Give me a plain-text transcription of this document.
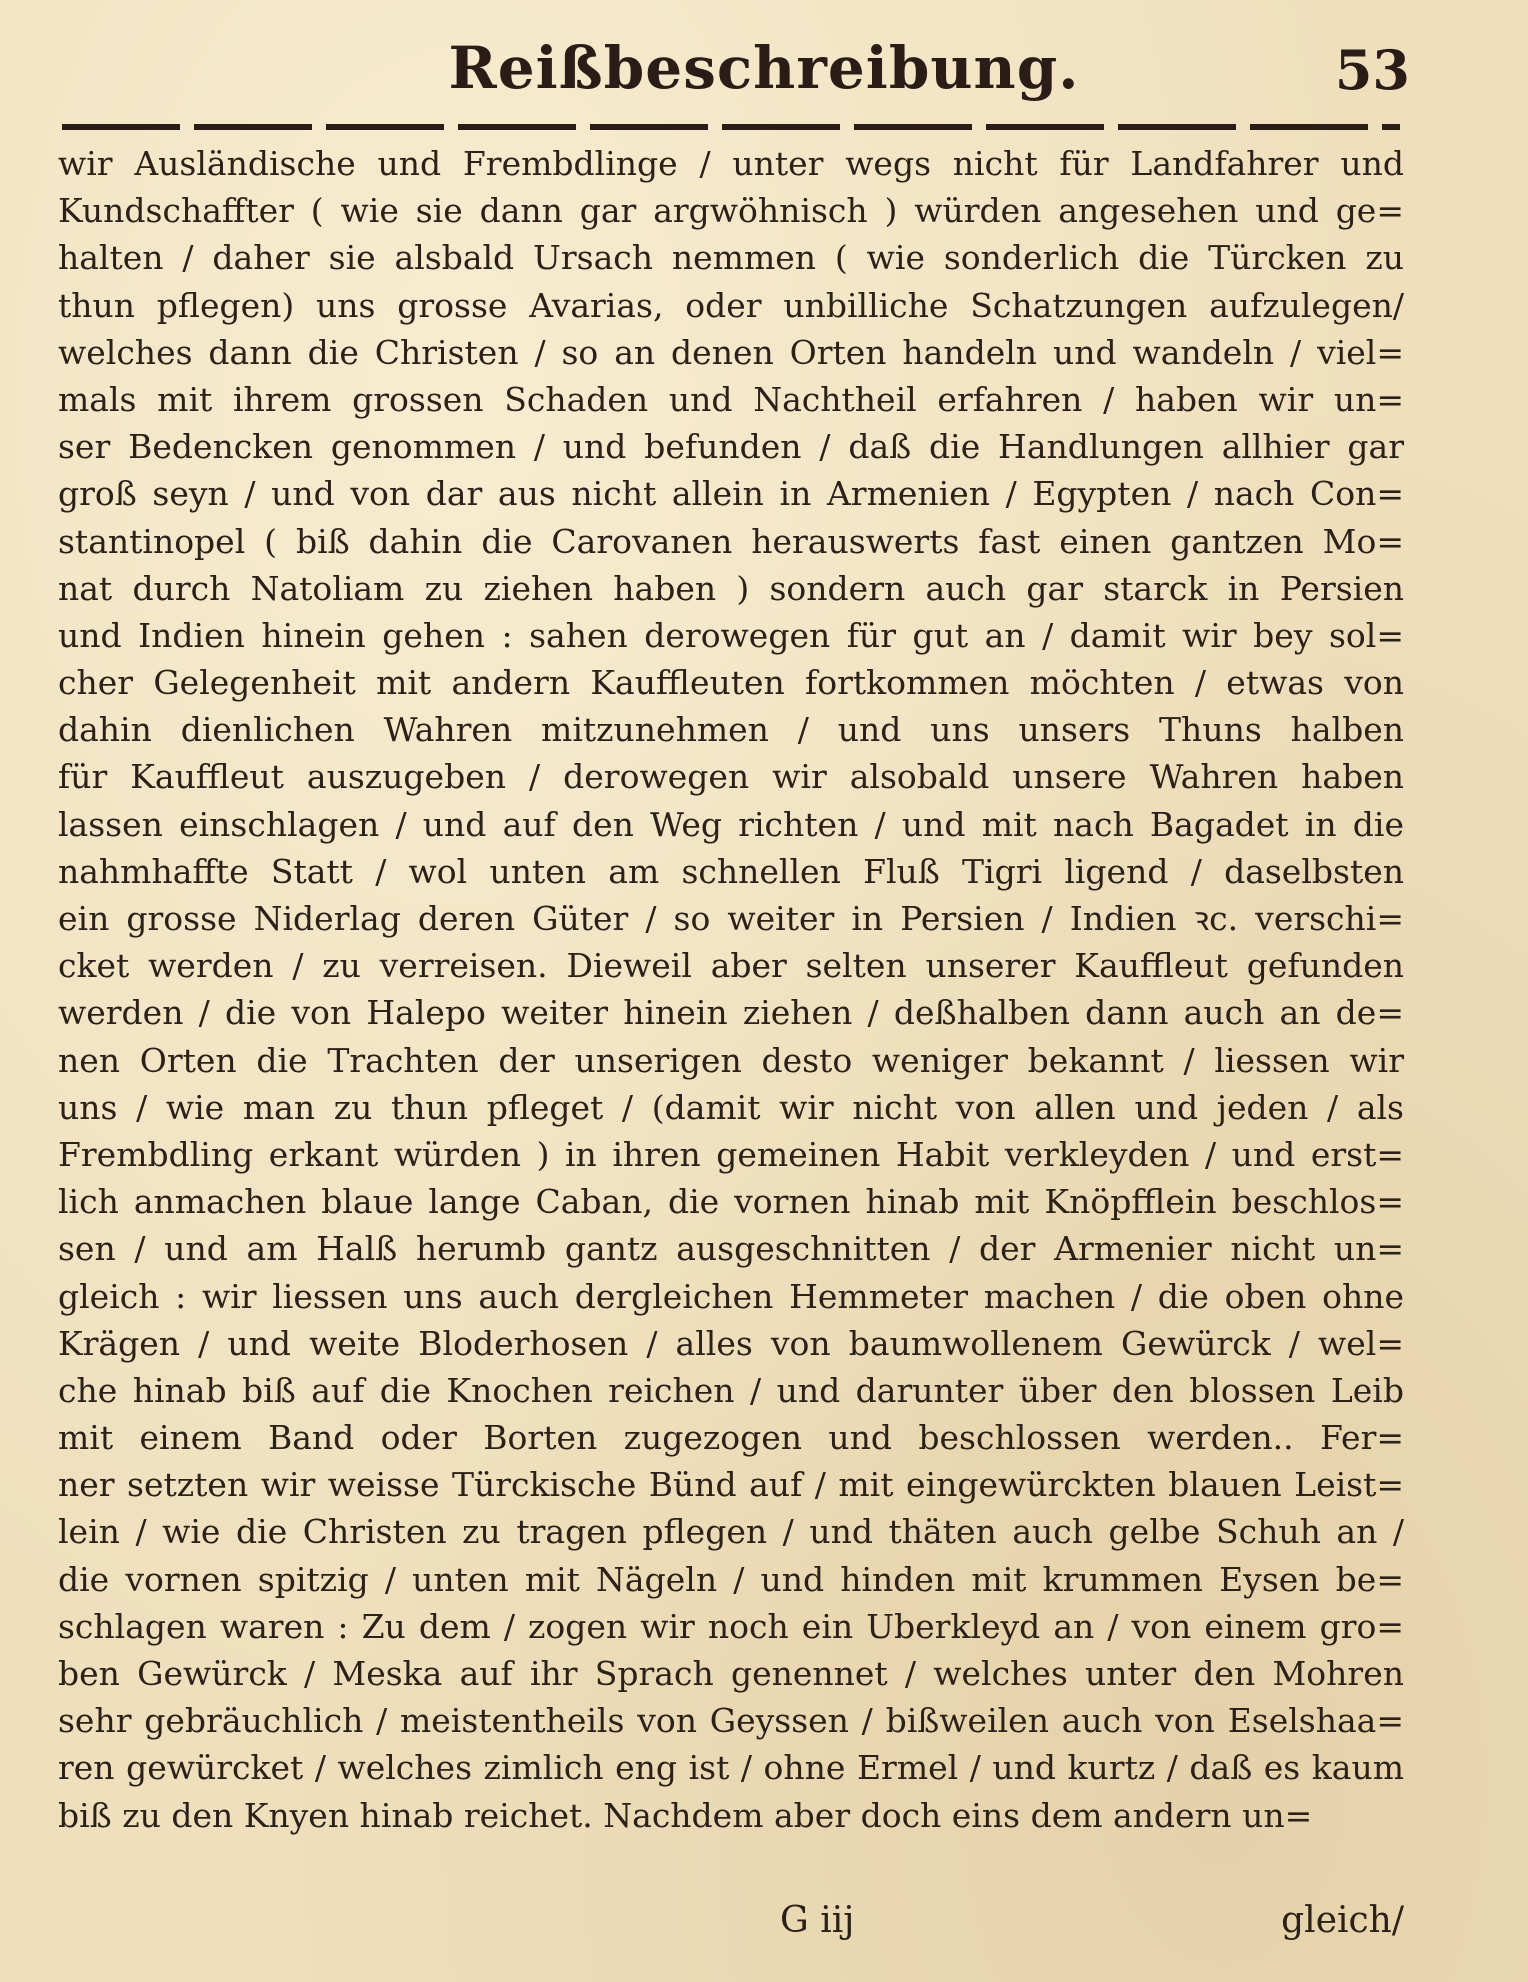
Reißbeschreibung.	53
wir Ausländische und Frembdlinge / unter wegs nicht für Landfahrer und
Kundschaffter ( wie sie dann gar argwöhnisch ) würden angesehen und ge=
halten / daher sie alsbald Ursach nemmen ( wie sonderlich die Türcken zu
thun pflegen) uns grosse Avarias, oder unbilliche Schatzungen aufzulegen/
welches dann die Christen / so an denen Orten handeln und wandeln / viel=
mals mit ihrem grossen Schaden und Nachtheil erfahren / haben wir un=
ser Bedencken genommen / und befunden / daß die Handlungen allhier gar
groß seyn / und von dar aus nicht allein in Armenien / Egypten / nach Con=
stantinopel ( biß dahin die Carovanen herauswerts fast einen gantzen Mo=
nat durch Natoliam zu ziehen haben ) sondern auch gar starck in Persien
und Indien hinein gehen : sahen derowegen für gut an / damit wir bey sol=
cher Gelegenheit mit andern Kauffleuten fortkommen möchten / etwas von
dahin dienlichen Wahren mitzunehmen / und uns unsers Thuns halben
für Kauffleut auszugeben / derowegen wir alsobald unsere Wahren haben
lassen einschlagen / und auf den Weg richten / und mit nach Bagadet in die
nahmhaffte Statt / wol unten am schnellen Fluß Tigri ligend / daselbsten
ein grosse Niderlag deren Güter / so weiter in Persien / Indien ꝛc. verschi=
cket werden / zu verreisen. Dieweil aber selten unserer Kauffleut gefunden
werden / die von Halepo weiter hinein ziehen / deßhalben dann auch an de=
nen Orten die Trachten der unserigen desto weniger bekannt / liessen wir
uns / wie man zu thun pfleget / (damit wir nicht von allen und jeden / als
Frembdling erkant würden ) in ihren gemeinen Habit verkleyden / und erst=
lich anmachen blaue lange Caban, die vornen hinab mit Knöpfflein beschlos=
sen / und am Halß herumb gantz ausgeschnitten / der Armenier nicht un=
gleich : wir liessen uns auch dergleichen Hemmeter machen / die oben ohne
Krägen / und weite Bloderhosen / alles von baumwollenem Gewürck / wel=
che hinab biß auf die Knochen reichen / und darunter über den blossen Leib
mit einem Band oder Borten zugezogen und beschlossen werden.. Fer=
ner setzten wir weisse Türckische Bünd auf / mit eingewürckten blauen Leist=
lein / wie die Christen zu tragen pflegen / und thäten auch gelbe Schuh an /
die vornen spitzig / unten mit Nägeln / und hinden mit krummen Eysen be=
schlagen waren : Zu dem / zogen wir noch ein Uberkleyd an / von einem gro=
ben Gewürck / Meska auf ihr Sprach genennet / welches unter den Mohren
sehr gebräuchlich / meistentheils von Geyssen / bißweilen auch von Eselshaa=
ren gewürcket / welches zimlich eng ist / ohne Ermel / und kurtz / daß es kaum
biß zu den Knyen hinab reichet. Nachdem aber doch eins dem andern un=
G iij	gleich/
